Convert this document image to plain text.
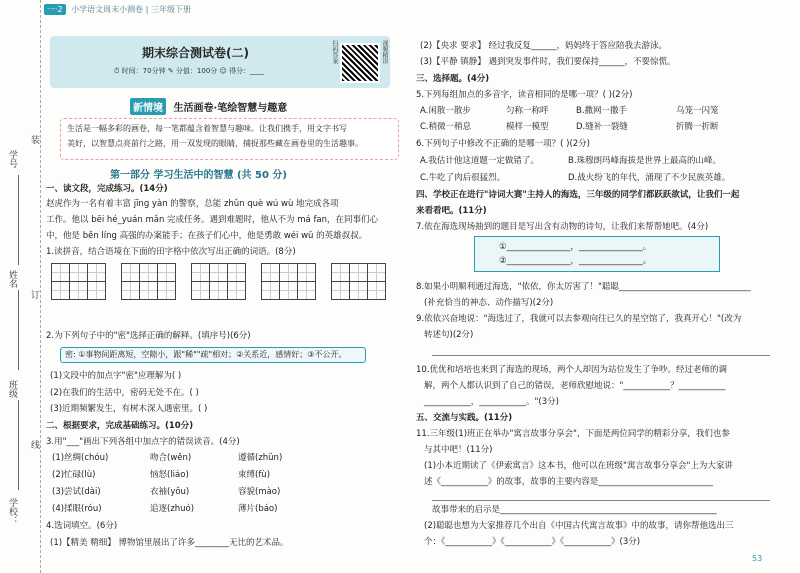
学号
姓名
班级
学校：
装
订
线
一·2 小学语文周末小测卷 | 三年级下册
期末综合测试卷(二)
⏱ 时间：70分钟 ✎ 分值：100分 ☺ 得分：____
扫码答案	视频精讲
新情境 生活画卷·笔绘智慧与趣意
生活是一幅多彩的画卷，每一笔都蕴含着智慧与趣味。让我们携手，用文字书写
美好，以智慧点亮前行之路，用一双发现的眼睛，捕捉那些藏在画卷里的生活趣事。
第一部分 学习生活中的智慧 (共 50 分)
一、读文段，完成练习。(14分)
赵虎作为一名有着丰富 jīng yàn 的警察，总能 zhǔn què wú wù 地完成各项
工作。他以 bēi hé_yuán mǎn 完成任务。遇到难题时，他从不为 má fan，在同事们心
中，他是 běn líng 高强的办案能手；在孩子们心中，他是勇敢 wéi wǔ 的英雄叔叔。
1.读拼音，结合语境在下面的田字格中依次写出正确的词语。(8分)
2.为下列句子中的"密"选择正确的解释。(填序号)(6分)
密: ①事物间距离短，空隙小，跟"稀""疏"相对；②关系近，感情好；③不公开。
(1)文段中的加点字"密"应理解为( )
(2)在我们的生活中，密码无处不在。( )
(3)近期频繁发生，有树木深入遇密里。( )
二、根据要求，完成基础练习。(10分)
3.用"___"画出下列各组中加点字的错误读音。(4分)
(1)丝绸(chóu)	吻合(wěn)	遵循(zhǔn)
(2)忙碌(lù)	恼怒(liáo)	束缚(fù)
(3)尝试(dài)	衣袖(yǒu)	容貌(mào)
(4)揉眼(róu)	追逐(zhuó)	薄片(báo)
4.选词填空。(6分)
(1)【精美 精细】 博物馆里展出了许多________无比的艺术品。
(2)【央求 要求】 经过我反复______，妈妈终于答应陪我去游泳。
(3)【平静 镇静】 遇到突发事件时，我们要保持______，不要惊慌。
三、选择题。(4分)
5.下列每组加点的多音字，读音相同的是哪一项？( )(2分)
A.闲散一散步	匀称一称呼	B.撒网一撒手	乌笼一闪笼
C.稍微一稍息	模样一模型	D.缝补一裂缝	折腾一折断
6.下列句子中修改不正确的是哪一项？( )(2分)
A.我估计他这道题一定做错了。	B.珠穆朗玛峰海拔是世界上最高的山峰。
C.牛吃了肉后很猛烈。	D.战火纷飞的年代，涌现了不少民族英雄。
四、学校正在进行"诗词大赛"主持人的海选，三年级的同学们都跃跃欲试，让我们一起
来看看吧。(11分)
7.依在海选现场抽到的题目是写出含有动物的诗句，让我们来帮帮她吧。(4分)
①_______________，_______________。
②_______________，_______________。
8.如果小明顺利通过海选，"依依，你太厉害了！"聪聪_______________________________
(补充恰当的神态、动作描写)(2分)
9.依依兴奋地说："海选过了，我就可以去参观向往已久的星空馆了，我真开心！"(改为
转述句)(2分)
10.优优和培培也来到了海选的现场，两个人却因为站位发生了争吵。经过老师的调
解，两个人都认识到了自己的错误，老师欣慰地说："___________？___________
___________，___________。"(3分)
五、交流与实践。(11分)
11.三年级(1)班正在举办"寓言故事分享会"，下面是两位同学的精彩分享，我们也参
与其中吧！(11分)
(1)小本近期读了《伊索寓言》这本书，他可以在班级"寓言故事分享会"上为大家讲
述《___________》的故事，故事的主要内容是___________________________
故事带来的启示是___________________________________________________
(2)聪聪也想为大家推荐几个出自《中国古代寓言故事》中的故事，请你帮他选出三
个：《___________》《___________》《___________》(3分)
53
